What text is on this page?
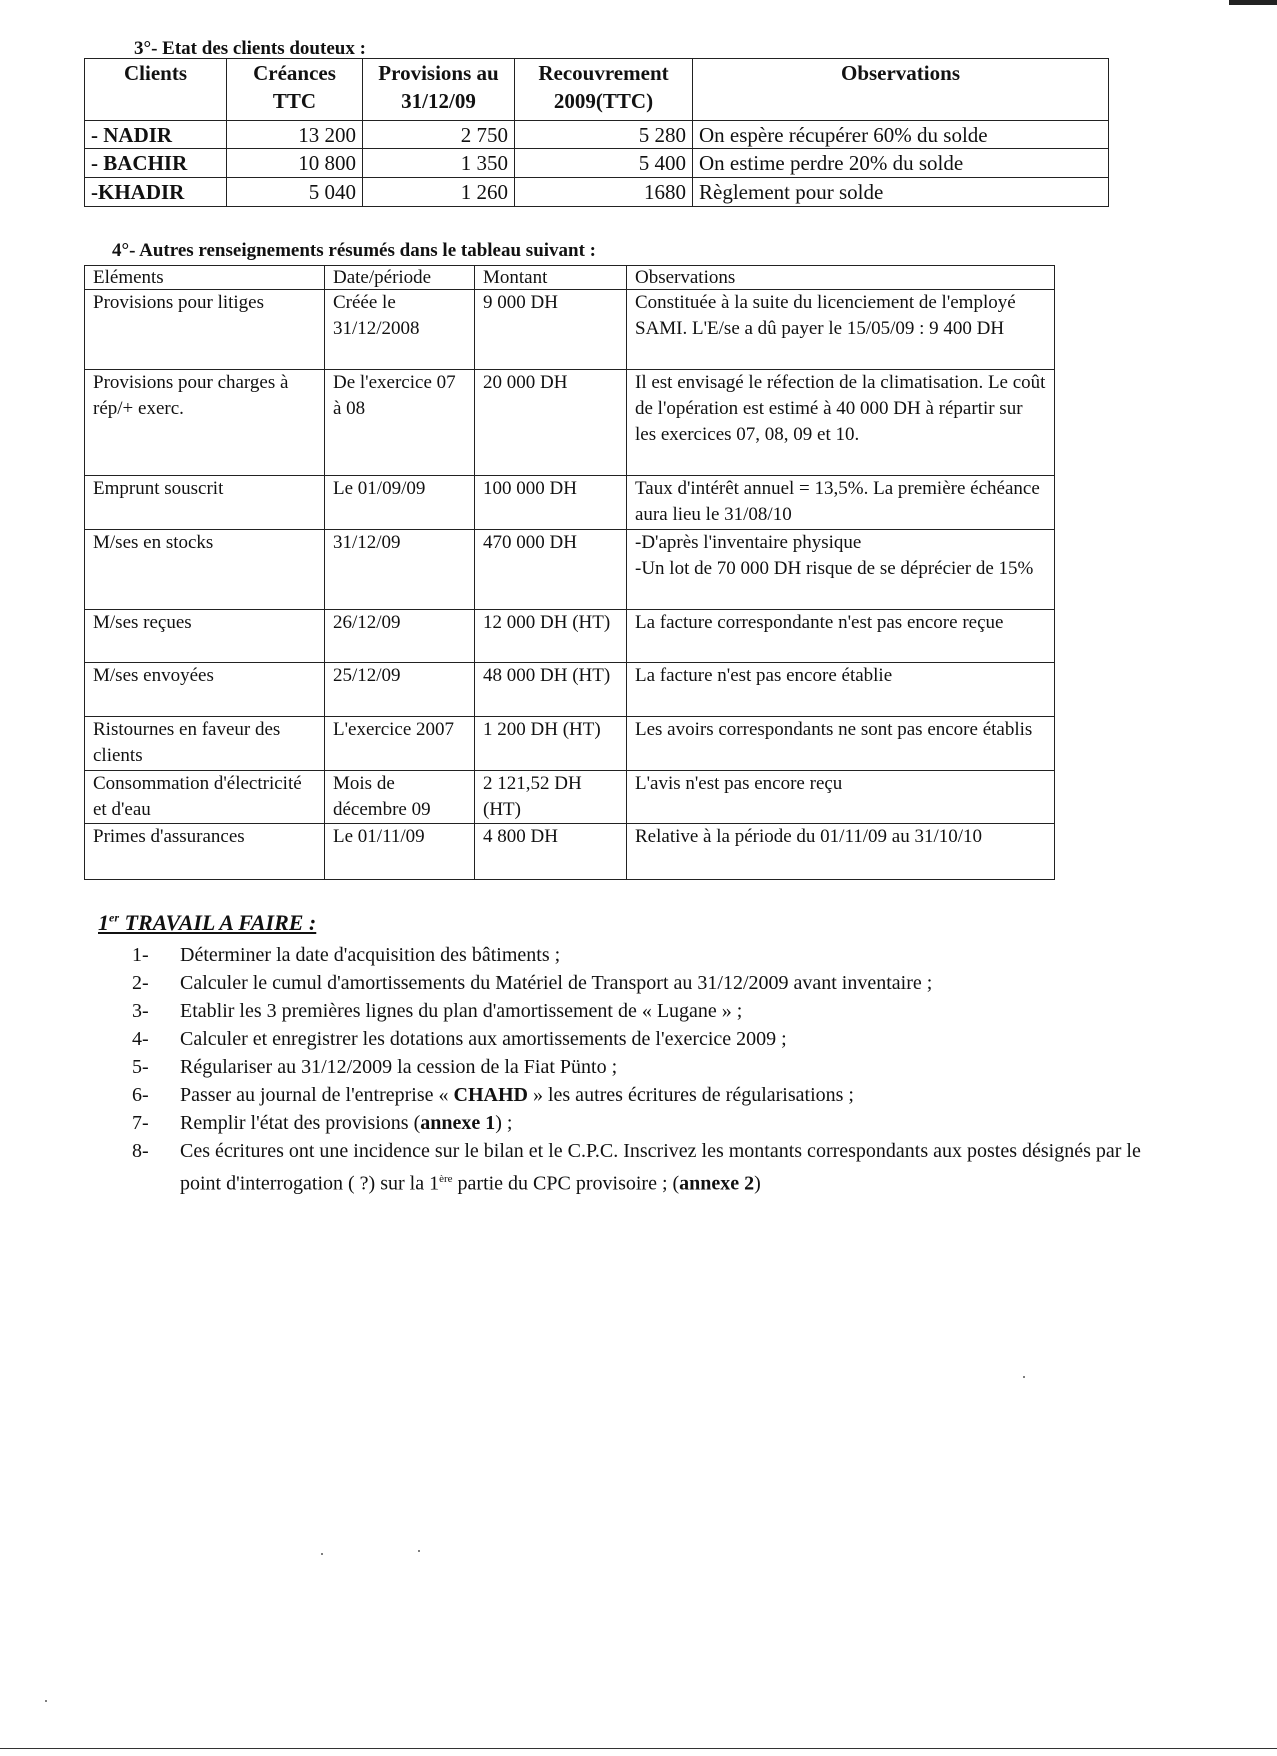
3°- Etat des clients douteux :
Clients	Créances TTC	Provisions au 31/12/09	Recouvrement 2009(TTC)	Observations
- NADIR	13 200	2 750	5 280	On espère récupérer 60% du solde
- BACHIR	10 800	1 350	5 400	On estime perdre 20% du solde
-KHADIR	5 040	1 260	1680	Règlement pour solde
4°- Autres renseignements résumés dans le tableau suivant :
Eléments	Date/période	Montant	Observations
Provisions pour litiges	Créée le 31/12/2008	9 000 DH	Constituée à la suite du licenciement de l'employé SAMI. L'E/se a dû payer le 15/05/09 : 9 400 DH
Provisions pour charges à rép/+ exerc.	De l'exercice 07 à 08	20 000 DH	Il est envisagé le réfection de la climatisation. Le coût de l'opération est estimé à 40 000 DH à répartir sur les exercices 07, 08, 09 et 10.
Emprunt souscrit	Le 01/09/09	100 000 DH	Taux d'intérêt annuel = 13,5%. La première échéance aura lieu le 31/08/10
M/ses en stocks	31/12/09	470 000 DH	-D'après l'inventaire physique
-Un lot de 70 000 DH risque de se déprécier de 15%
M/ses reçues	26/12/09	12 000 DH (HT)	La facture correspondante n'est pas encore reçue
M/ses envoyées	25/12/09	48 000 DH (HT)	La facture n'est pas encore établie
Ristournes en faveur des clients	L'exercice 2007	1 200 DH (HT)	Les avoirs correspondants ne sont pas encore établis
Consommation d'électricité et d'eau	Mois de décembre 09	2 121,52 DH (HT)	L'avis n'est pas encore reçu
Primes d'assurances	Le 01/11/09	4 800 DH	Relative à la période du 01/11/09 au 31/10/10
1er TRAVAIL A FAIRE :
1- Déterminer la date d'acquisition des bâtiments ;
2- Calculer le cumul d'amortissements du Matériel de Transport au 31/12/2009 avant inventaire ;
3- Etablir les 3 premières lignes du plan d'amortissement de « Lugane » ;
4- Calculer et enregistrer les dotations aux amortissements de l'exercice 2009 ;
5- Régulariser au 31/12/2009 la cession de la Fiat Pünto ;
6- Passer au journal de l'entreprise « CHAHD » les autres écritures de régularisations ;
7- Remplir l'état des provisions (annexe 1) ;
8- Ces écritures ont une incidence sur le bilan et le C.P.C. Inscrivez les montants correspondants aux postes désignés par le point d'interrogation ( ?) sur la 1ère partie du CPC provisoire ; (annexe 2)
